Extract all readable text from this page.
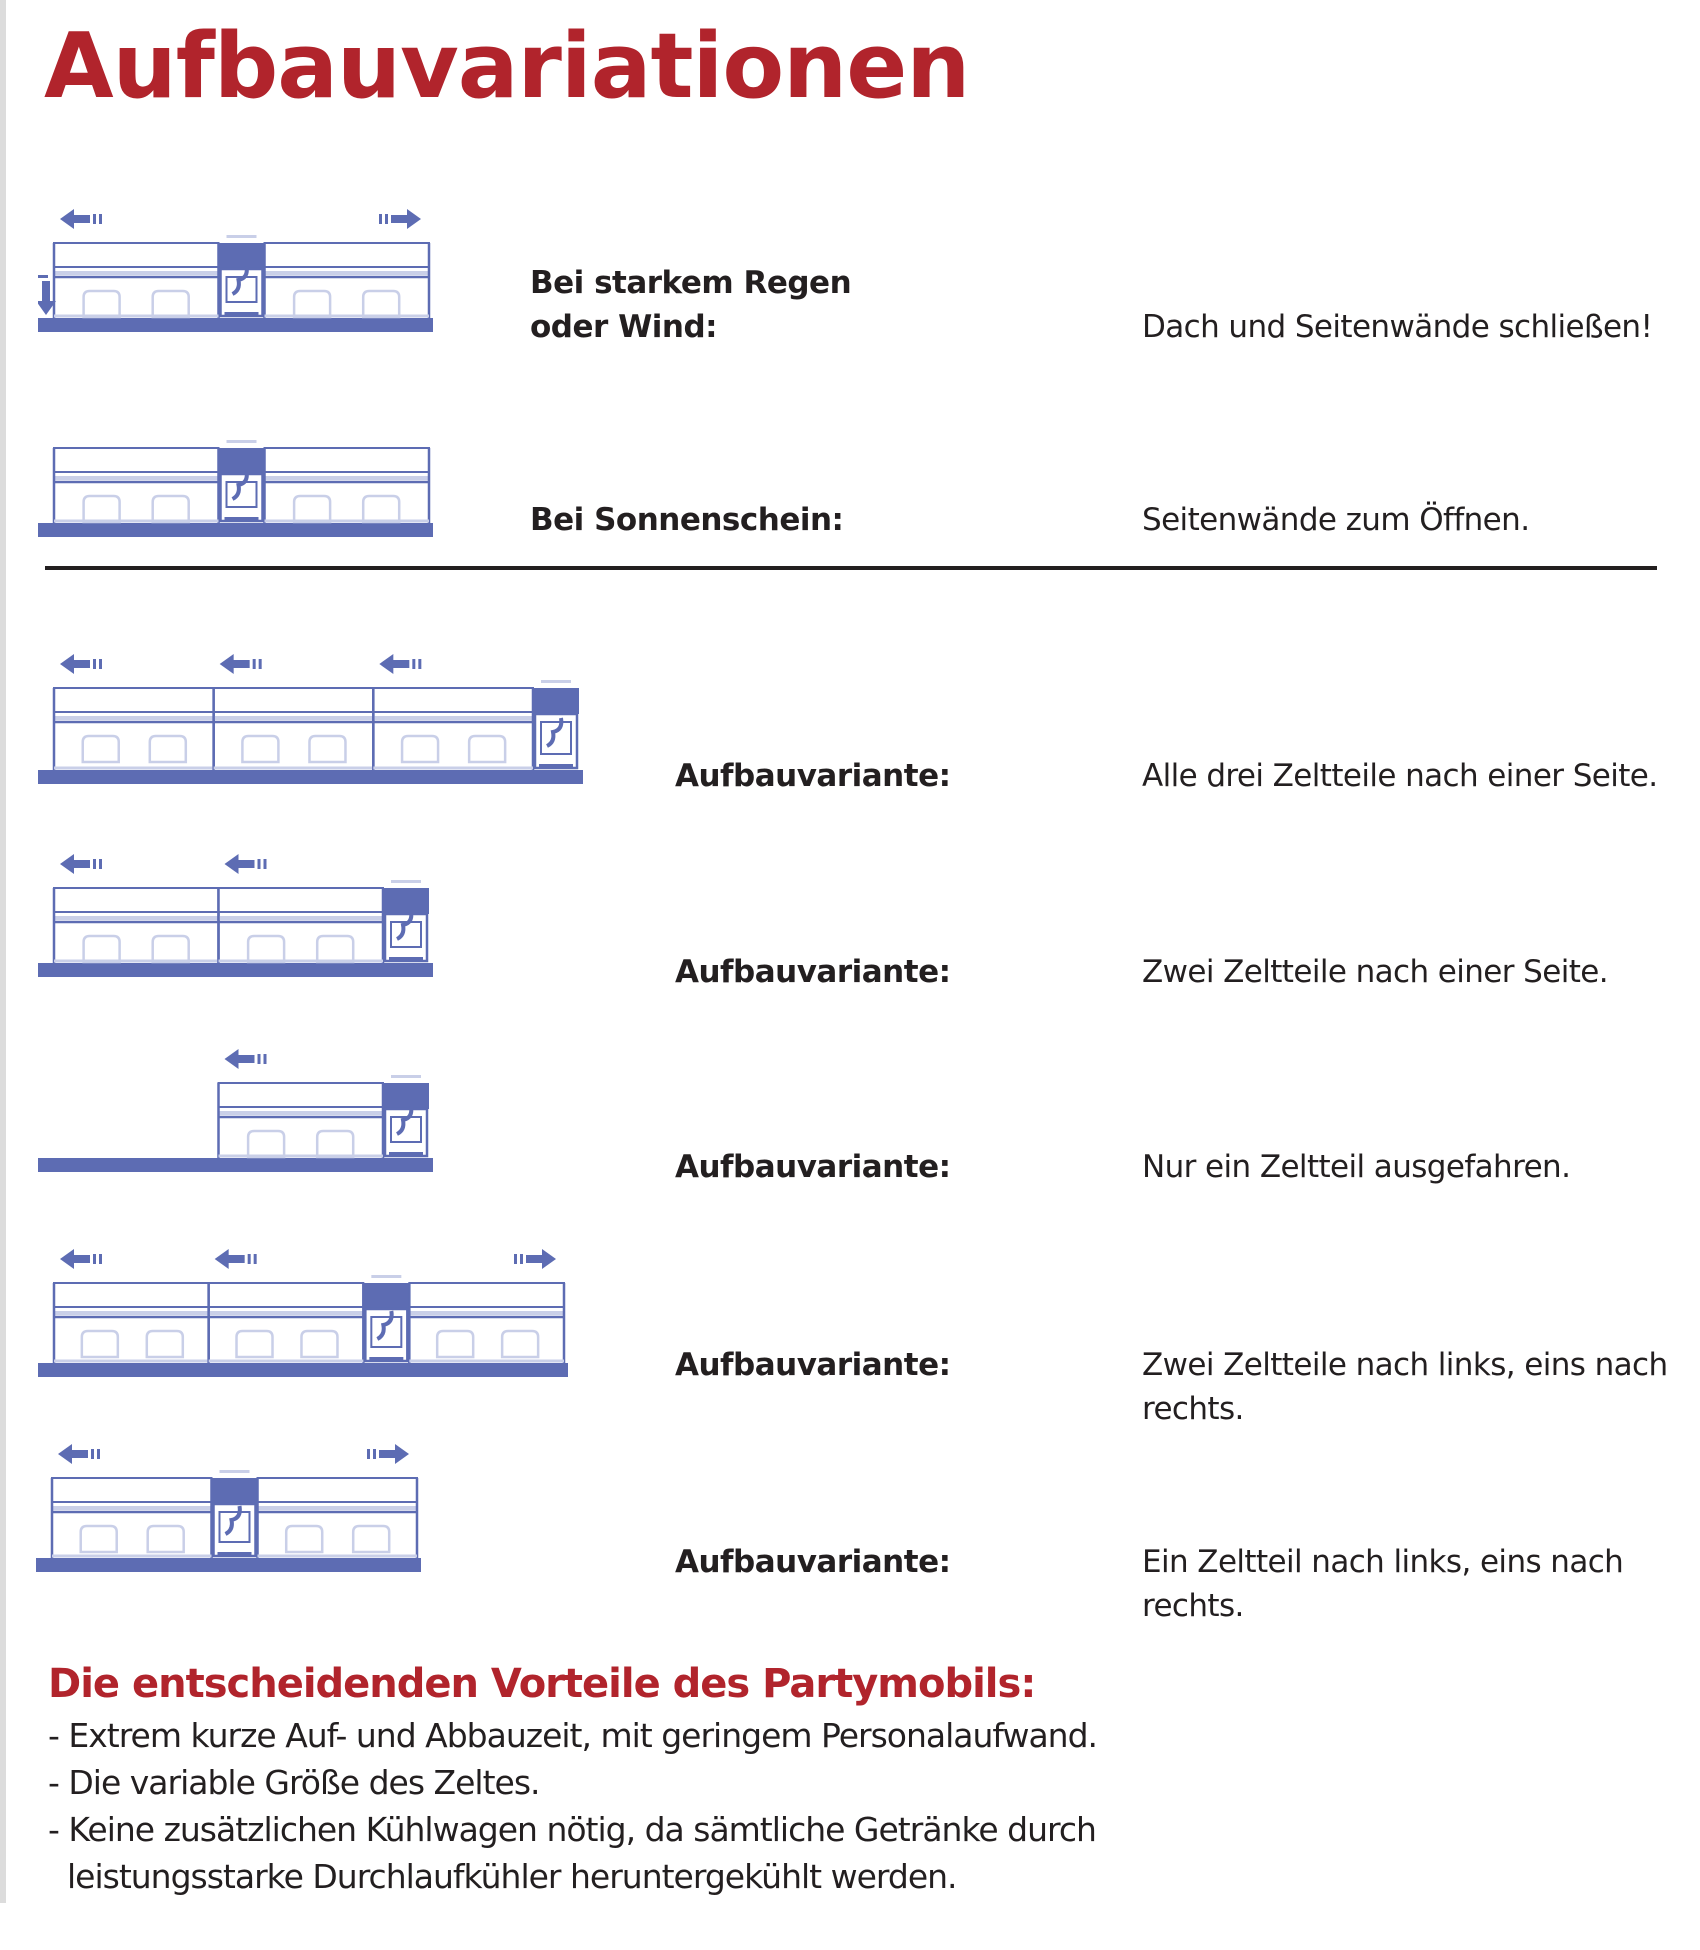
Aufbauvariationen
Bei starkem Regen
oder Wind:	Dach und Seitenwände schließen!
Bei Sonnenschein:	Seitenwände zum Öffnen.
Aufbauvariante:	Alle drei Zeltteile nach einer Seite.
Aufbauvariante:	Zwei Zeltteile nach einer Seite.
Aufbauvariante:	Nur ein Zeltteil ausgefahren.
Aufbauvariante:	Zwei Zeltteile nach links, eins nach rechts.
Aufbauvariante:	Ein Zeltteil nach links, eins nach rechts.
Die entscheidenden Vorteile des Partymobils:
- Extrem kurze Auf- und Abbauzeit, mit geringem Personalaufwand.
- Die variable Größe des Zeltes.
- Keine zusätzlichen Kühlwagen nötig, da sämtliche Getränke durch leistungsstarke Durchlaufkühler heruntergekühlt werden.
